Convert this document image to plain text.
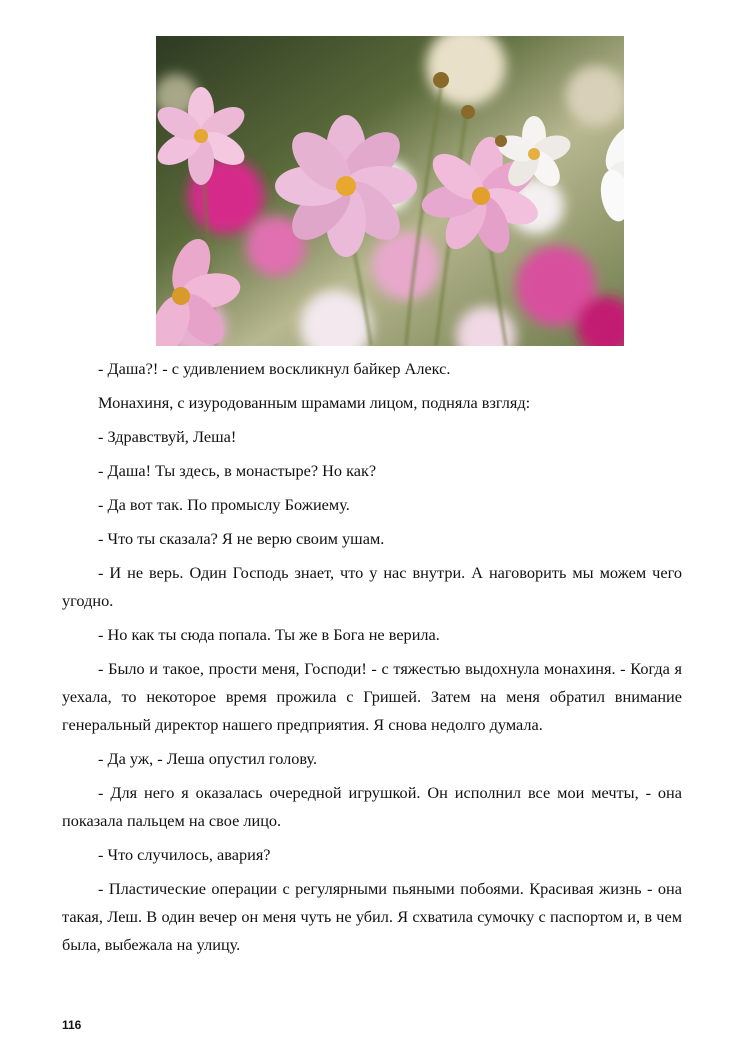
- Даша?! - с удивлением воскликнул байкер Алекс.

Монахиня, с изуродованным шрамами лицом, подняла взгляд:

- Здравствуй, Леша!

- Даша! Ты здесь, в монастыре? Но как?

- Да вот так. По промыслу Божиему.

- Что ты сказала? Я не верю своим ушам.

- И не верь. Один Господь знает, что у нас внутри. А наговорить мы можем чего угодно.

- Но как ты сюда попала. Ты же в Бога не верила.

- Было и такое, прости меня, Господи! - с тяжестью выдохнула монахиня. - Когда я уехала, то некоторое время прожила с Гришей. Затем на меня обратил внимание генеральный директор нашего предприятия. Я снова недолго думала.

- Да уж, - Леша опустил голову.

- Для него я оказалась очередной игрушкой. Он исполнил все мои мечты, - она показала пальцем на свое лицо.

- Что случилось, авария?

- Пластические операции с регулярными пьяными побоями. Красивая жизнь - она такая, Леш. В один вечер он меня чуть не убил. Я схватила сумочку с паспортом и, в чем была, выбежала на улицу.

116
